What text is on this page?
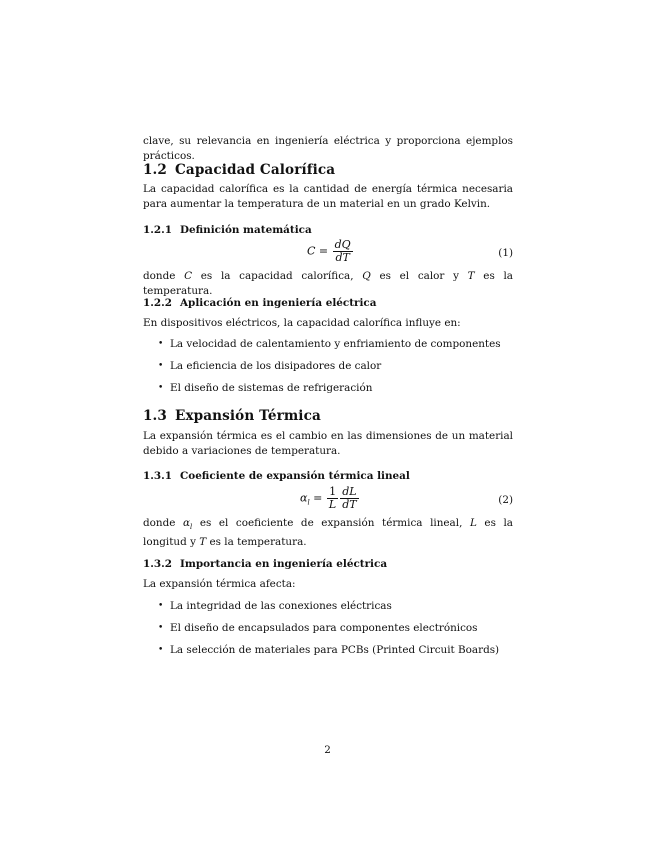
clave, su relevancia en ingeniería eléctrica y proporciona ejemplos prácticos.
1.2 Capacidad Calorífica
La capacidad calorífica es la cantidad de energía térmica necesaria para aumentar la temperatura de un material en un grado Kelvin.
1.2.1 Definición matemática
$C = \frac{dQ}{dT}$	(1)
donde C es la capacidad calorífica, Q es el calor y T es la temperatura.
1.2.2 Aplicación en ingeniería eléctrica
En dispositivos eléctricos, la capacidad calorífica influye en:
• La velocidad de calentamiento y enfriamiento de componentes
• La eficiencia de los disipadores de calor
• El diseño de sistemas de refrigeración
1.3 Expansión Térmica
La expansión térmica es el cambio en las dimensiones de un material debido a variaciones de temperatura.
1.3.1 Coeficiente de expansión térmica lineal
$\alpha_l = \frac{1}{L} \frac{dL}{dT}$	(2)
donde $\alpha_l$ es el coeficiente de expansión térmica lineal, L es la longitud y T es la temperatura.
1.3.2 Importancia en ingeniería eléctrica
La expansión térmica afecta:
• La integridad de las conexiones eléctricas
• El diseño de encapsulados para componentes electrónicos
• La selección de materiales para PCBs (Printed Circuit Boards)
2
